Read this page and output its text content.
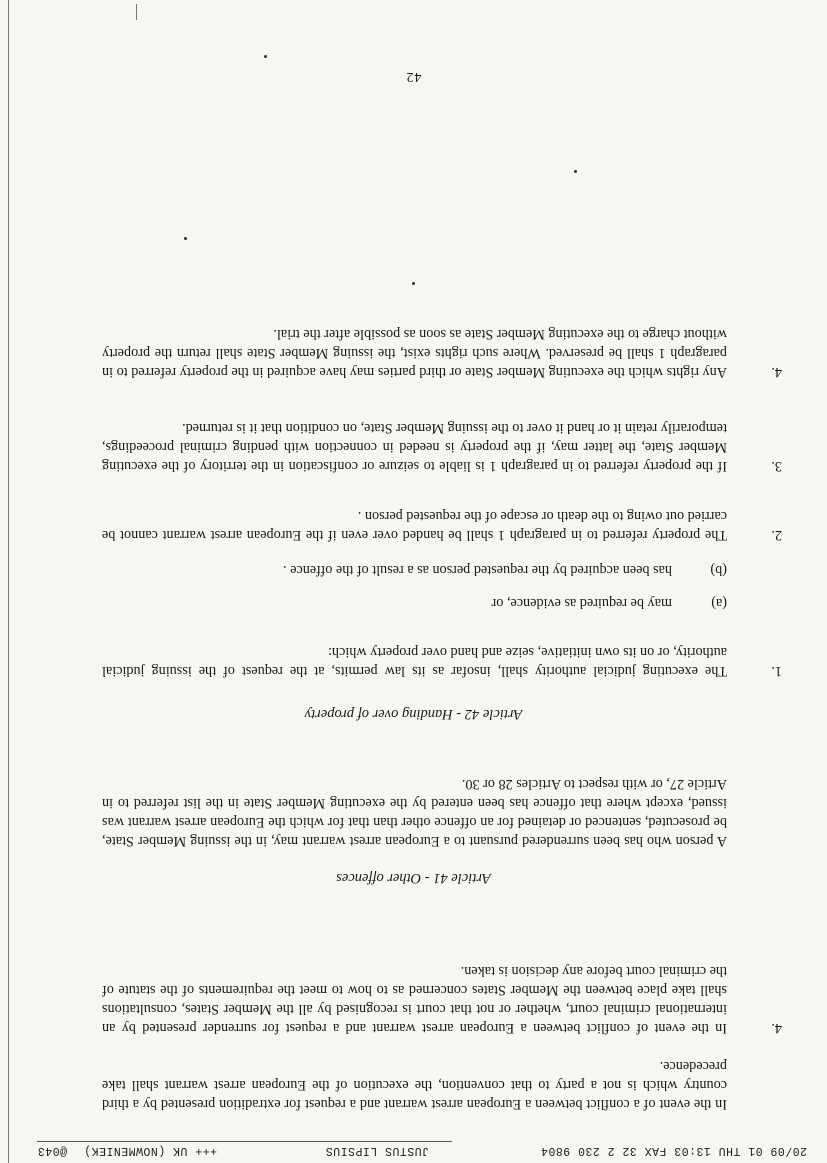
20/09 01 THU 13:03 FAX 32 2 230 9804
JUSTUS LIPSIUS
+++ UK (NOWMENIEK)
@043
In the event of a conflict between a European arrest warrant and a request for extradition presented by a third country which is not a party to that convention, the execution of the European arrest warrant shall take precedence.
4.
In the event of conflict between a European arrest warrant and a request for surrender presented by an international criminal court, whether or not that court is recognised by all the Member States, consultations shall take place between the Member States concerned as to how to meet the requirements of the statute of the criminal court before any decision is taken.
Article 41 - Other offences
A person who has been surrendered pursuant to a European arrest warrant may, in the issuing Member State, be prosecuted, sentenced or detained for an offence other than that for which the European arrest warrant was issued, except where that offence has been entered by the executing Member State in the list referred to in Article 27, or with respect to Articles 28 or 30.
Article 42 - Handing over of property
1.
The executing judicial authority shall, insofar as its law permits, at the request of the issuing judicial authority, or on its own initiative, seize and hand over property which:
(a)
may be required as evidence, or
(b)
has been acquired by the requested person as a result of the offence .
2.
The property referred to in paragraph 1 shall be handed over even if the European arrest warrant cannot be carried out owing to the death or escape of the requested person .
3.
If the property referred to in paragraph 1 is liable to seizure or confiscation in the territory of the executing Member State, the latter may, if the property is needed in connection with pending criminal proceedings, temporarily retain it or hand it over to the issuing Member State, on condition that it is returned.
4.
Any rights which the executing Member State or third parties may have acquired in the property referred to in paragraph 1 shall be preserved. Where such rights exist, the issuing Member State shall return the property without charge to the executing Member State as soon as possible after the trial.
42
